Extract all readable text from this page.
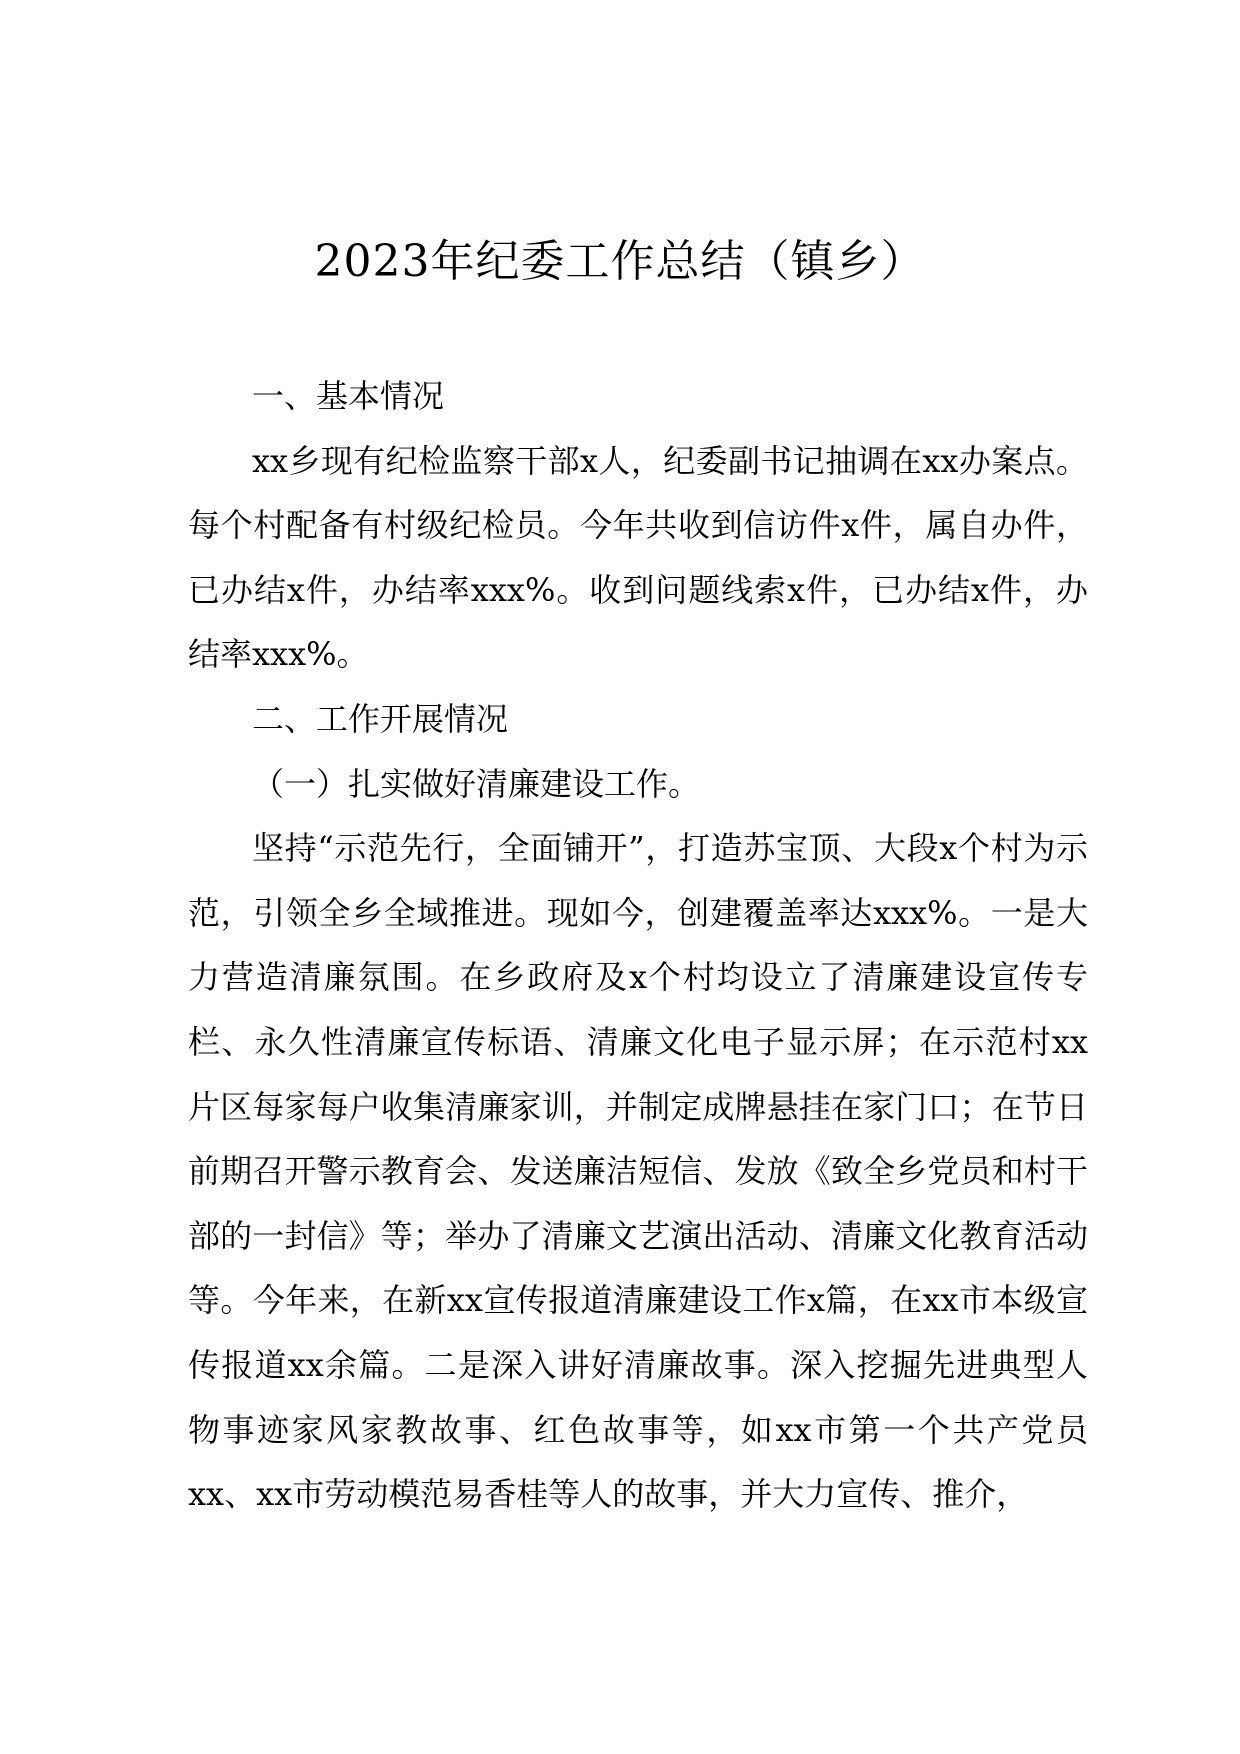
2023年纪委工作总结（镇乡）

一、基本情况

xx乡现有纪检监察干部x人，纪委副书记抽调在xx办案点。每个村配备有村级纪检员。今年共收到信访件x件，属自办件，已办结x件，办结率xxx%。收到问题线索x件，已办结x件，办结率xxx%。

二、工作开展情况

（一）扎实做好清廉建设工作。

坚持“示范先行，全面铺开”，打造苏宝顶、大段x个村为示范，引领全乡全域推进。现如今，创建覆盖率达xxx%。一是大力营造清廉氛围。在乡政府及x个村均设立了清廉建设宣传专栏、永久性清廉宣传标语、清廉文化电子显示屏；在示范村xx片区每家每户收集清廉家训，并制定成牌悬挂在家门口；在节日前期召开警示教育会、发送廉洁短信、发放《致全乡党员和村干部的一封信》等；举办了清廉文艺演出活动、清廉文化教育活动等。今年来，在新xx宣传报道清廉建设工作x篇，在xx市本级宣传报道xx余篇。二是深入讲好清廉故事。深入挖掘先进典型人物事迹家风家教故事、红色故事等，如xx市第一个共产党员xx、xx市劳动模范易香桂等人的故事，并大力宣传、推介，
